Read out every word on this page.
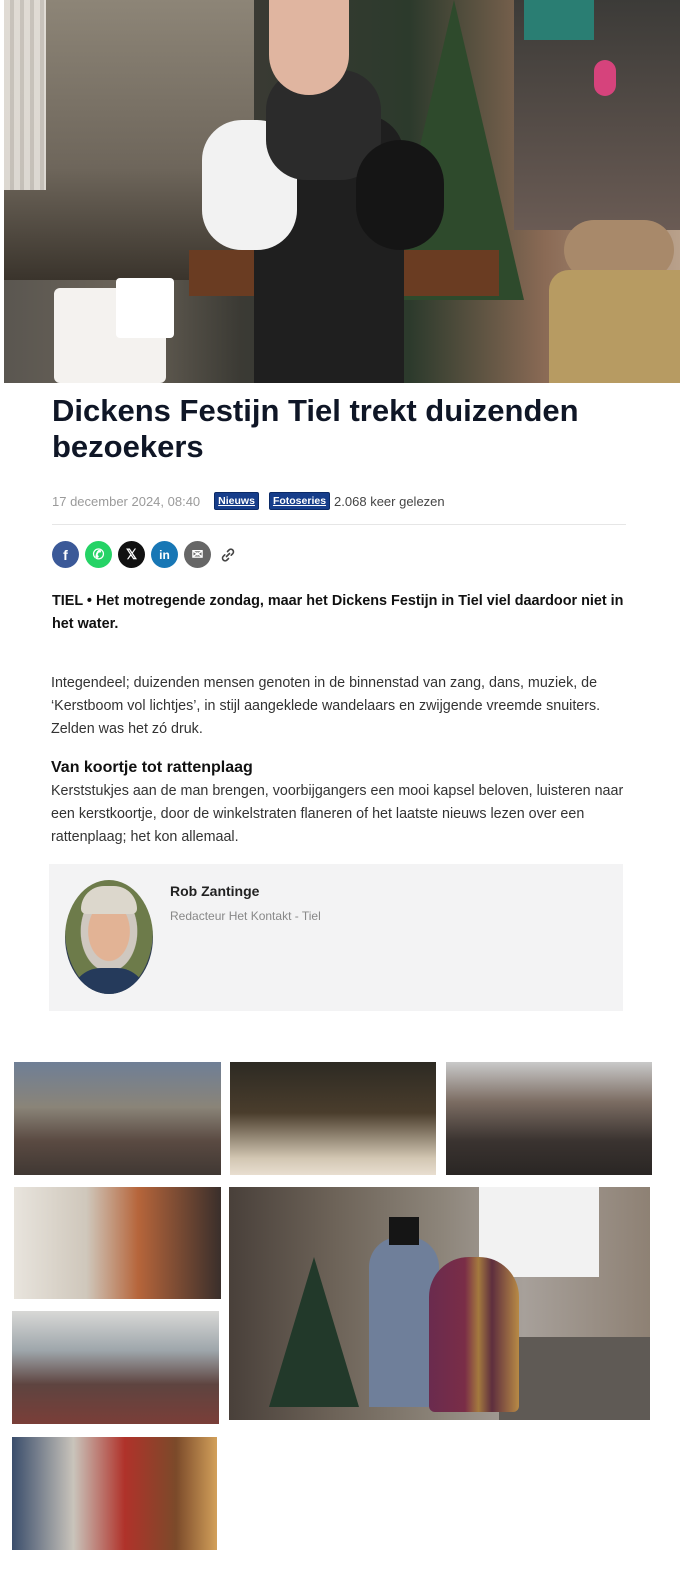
Dickens Festijn Tiel trekt duizenden bezoekers
17 december 2024, 08:40	Nieuws	Fotoseries 2.068 keer gelezen
f ✆ 𝕏 in ✉

TIEL • Het motregende zondag, maar het Dickens Festijn in Tiel viel daardoor niet in het water.

Integendeel; duizenden mensen genoten in de binnenstad van zang, dans, muziek, de ‘Kerstboom vol lichtjes’, in stijl aangeklede wandelaars en zwijgende vreemde snuiters. Zelden was het zó druk.

Van koortje tot rattenplaag

Kerststukjes aan de man brengen, voorbijgangers een mooi kapsel beloven, luisteren naar een kerstkoortje, door de winkelstraten flaneren of het laatste nieuws lezen over een rattenplaag; het kon allemaal.

Rob Zantinge
Redacteur Het Kontakt - Tiel
